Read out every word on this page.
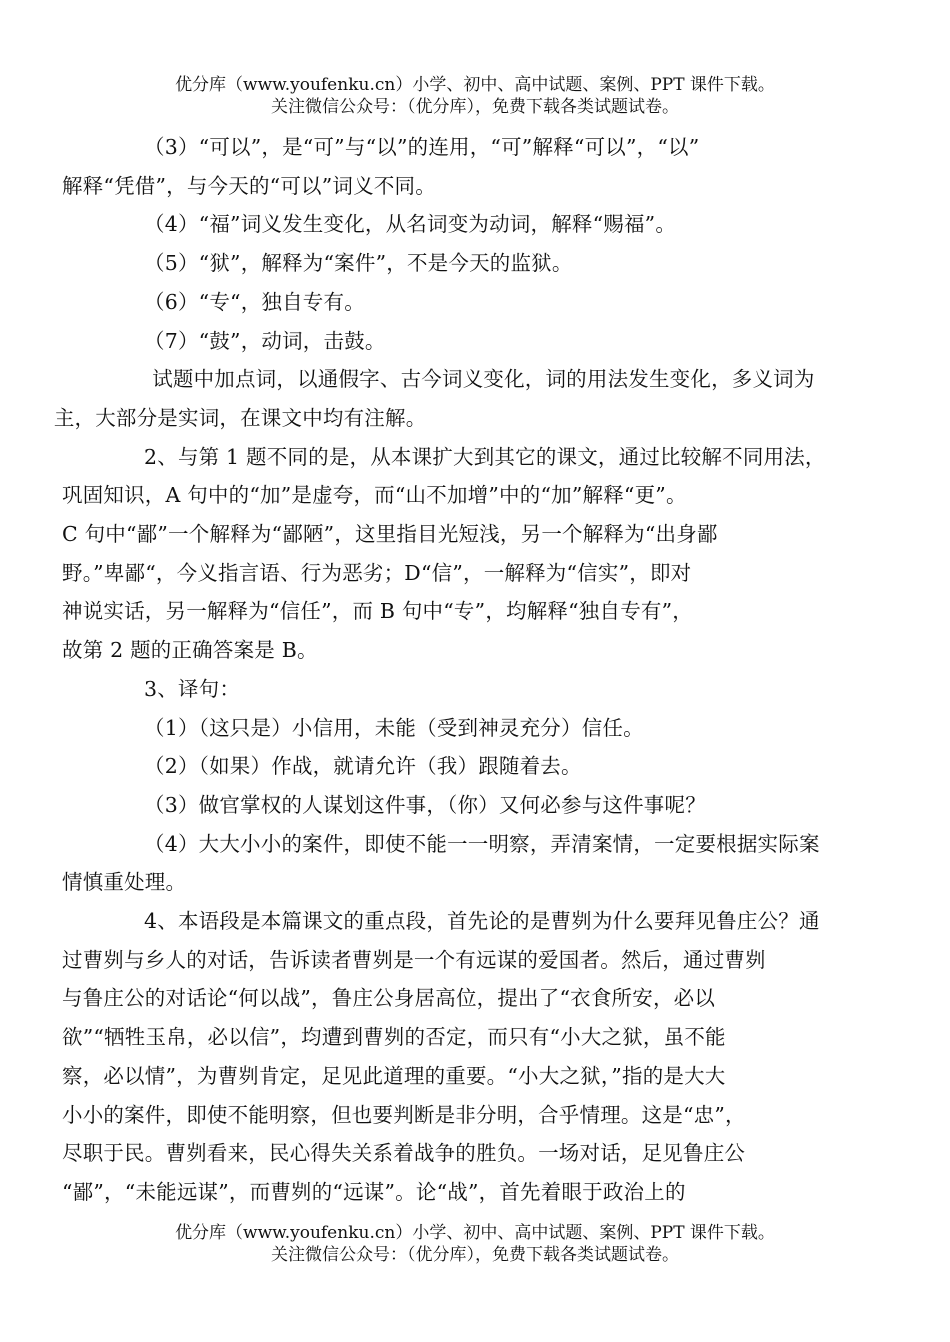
优分库（www.youfenku.cn）小学、初中、高中试题、案例、PPT 课件下载。
关注微信公众号：（优分库），免费下载各类试题试卷。

（3）“可以”，是“可”与“以”的连用，“可”解释“可以”，“以”
解释“凭借”，与今天的“可以”词义不同。

（4）“福”词义发生变化，从名词变为动词，解释“赐福”。

（5）“狱”，解释为“案件”，不是今天的监狱。

（6）“专“，独自专有。

（7）“鼓”，动词，击鼓。

试题中加点词，以通假字、古今词义变化，词的用法发生变化，多义词为
主，大部分是实词，在课文中均有注解。

2、与第 1 题不同的是，从本课扩大到其它的课文，通过比较解不同用法，
巩固知识，A 句中的“加”是虚夸，而“山不加增”中的“加”解释“更”。
C 句中“鄙”一个解释为“鄙陋”，这里指目光短浅，另一个解释为“出身鄙
野。”卑鄙“，今义指言语、行为恶劣；D“信”，一解释为“信实”，即对
神说实话，另一解释为“信任”，而 B 句中“专”，均解释“独自专有”，
故第 2 题的正确答案是 B。

3、译句：

（1）（这只是）小信用，未能（受到神灵充分）信任。

（2）（如果）作战，就请允许（我）跟随着去。

（3）做官掌权的人谋划这件事，（你）又何必参与这件事呢？

（4）大大小小的案件，即使不能一一明察，弄清案情，一定要根据实际案
情慎重处理。

4、本语段是本篇课文的重点段，首先论的是曹刿为什么要拜见鲁庄公？通
过曹刿与乡人的对话，告诉读者曹刿是一个有远谋的爱国者。然后，通过曹刿
与鲁庄公的对话论“何以战”，鲁庄公身居高位，提出了“衣食所安，必以
欲”“牺牲玉帛，必以信”，均遭到曹刿的否定，而只有“小大之狱，虽不能
察，必以情”，为曹刿肯定，足见此道理的重要。“小大之狱，”指的是大大
小小的案件，即使不能明察，但也要判断是非分明，合乎情理。这是“忠”，
尽职于民。曹刿看来，民心得失关系着战争的胜负。一场对话，足见鲁庄公
“鄙”，“未能远谋”，而曹刿的“远谋”。论“战”，首先着眼于政治上的

优分库（www.youfenku.cn）小学、初中、高中试题、案例、PPT 课件下载。
关注微信公众号：（优分库），免费下载各类试题试卷。
